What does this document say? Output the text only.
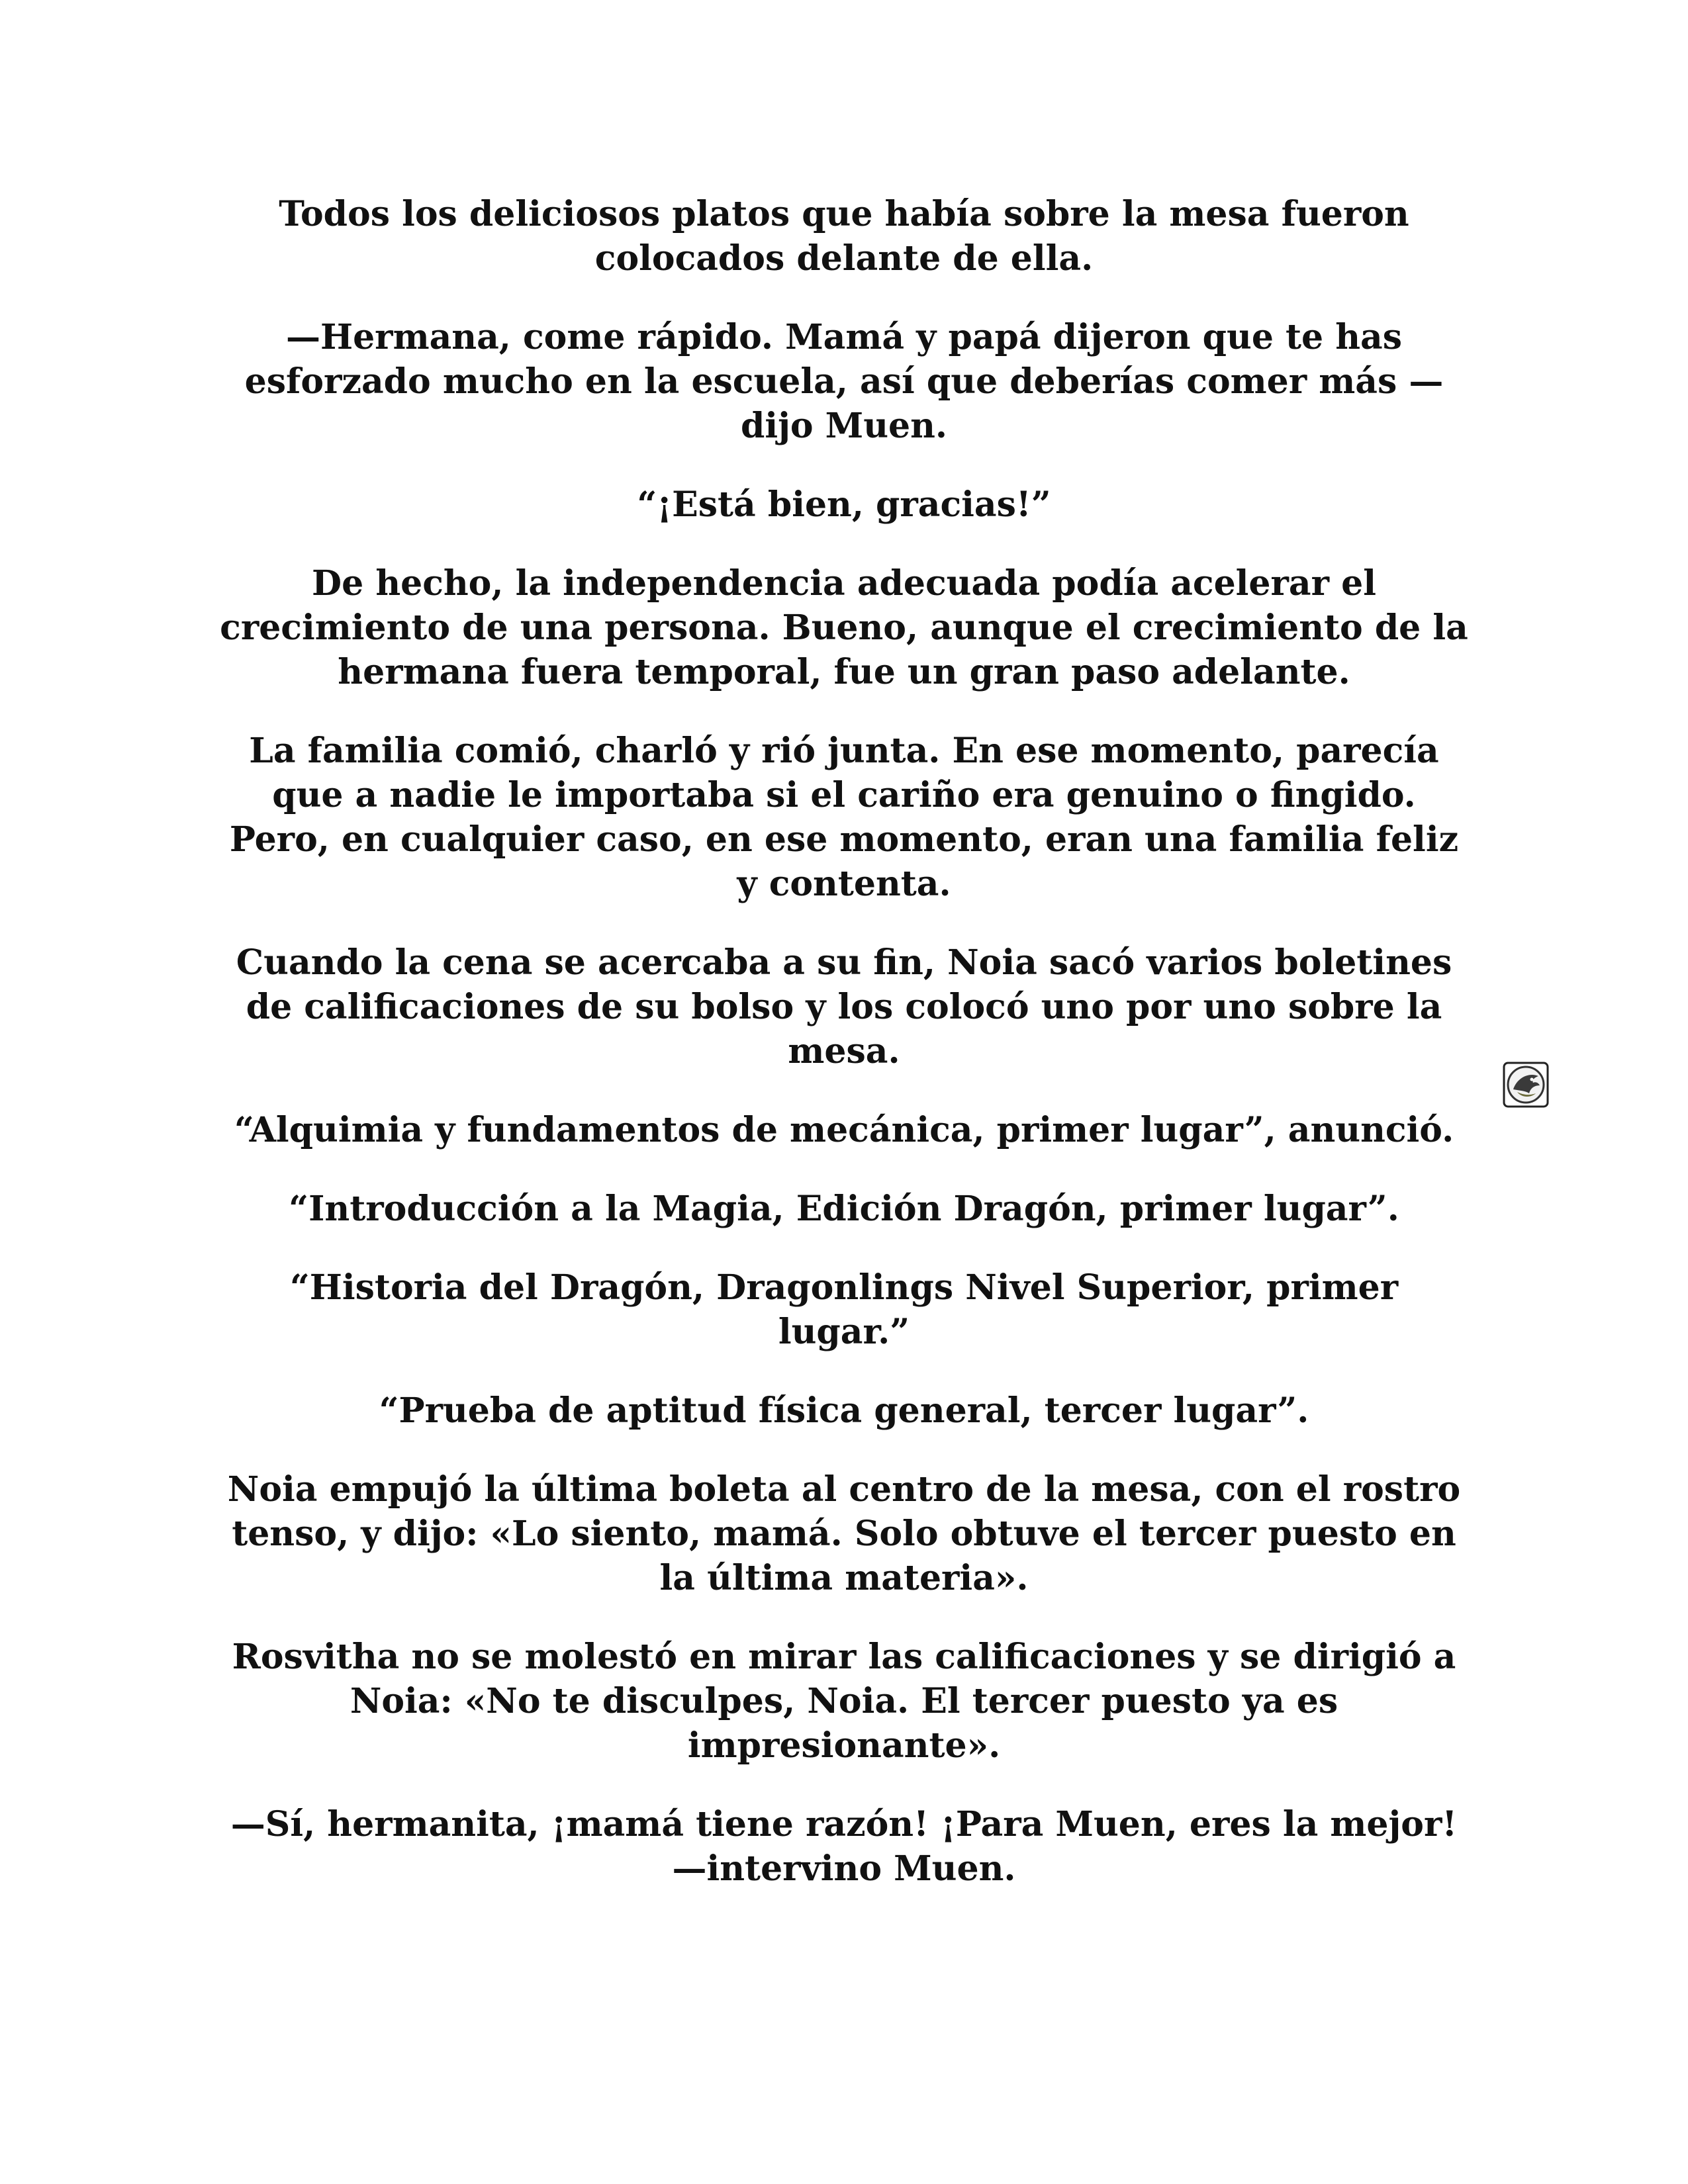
Todos los deliciosos platos que había sobre la mesa fueron colocados delante de ella.

—Hermana, come rápido. Mamá y papá dijeron que te has esforzado mucho en la escuela, así que deberías comer más —dijo Muen.

“¡Está bien, gracias!”

De hecho, la independencia adecuada podía acelerar el crecimiento de una persona. Bueno, aunque el crecimiento de la hermana fuera temporal, fue un gran paso adelante.

La familia comió, charló y rió junta. En ese momento, parecía que a nadie le importaba si el cariño era genuino o fingido. Pero, en cualquier caso, en ese momento, eran una familia feliz y contenta.

Cuando la cena se acercaba a su fin, Noia sacó varios boletines de calificaciones de su bolso y los colocó uno por uno sobre la mesa.

“Alquimia y fundamentos de mecánica, primer lugar”, anunció.

“Introducción a la Magia, Edición Dragón, primer lugar”.

“Historia del Dragón, Dragonlings Nivel Superior, primer lugar.”

“Prueba de aptitud física general, tercer lugar”.

Noia empujó la última boleta al centro de la mesa, con el rostro tenso, y dijo: «Lo siento, mamá. Solo obtuve el tercer puesto en la última materia».

Rosvitha no se molestó en mirar las calificaciones y se dirigió a Noia: «No te disculpes, Noia. El tercer puesto ya es impresionante».

—Sí, hermanita, ¡mamá tiene razón! ¡Para Muen, eres la mejor! —intervino Muen.
